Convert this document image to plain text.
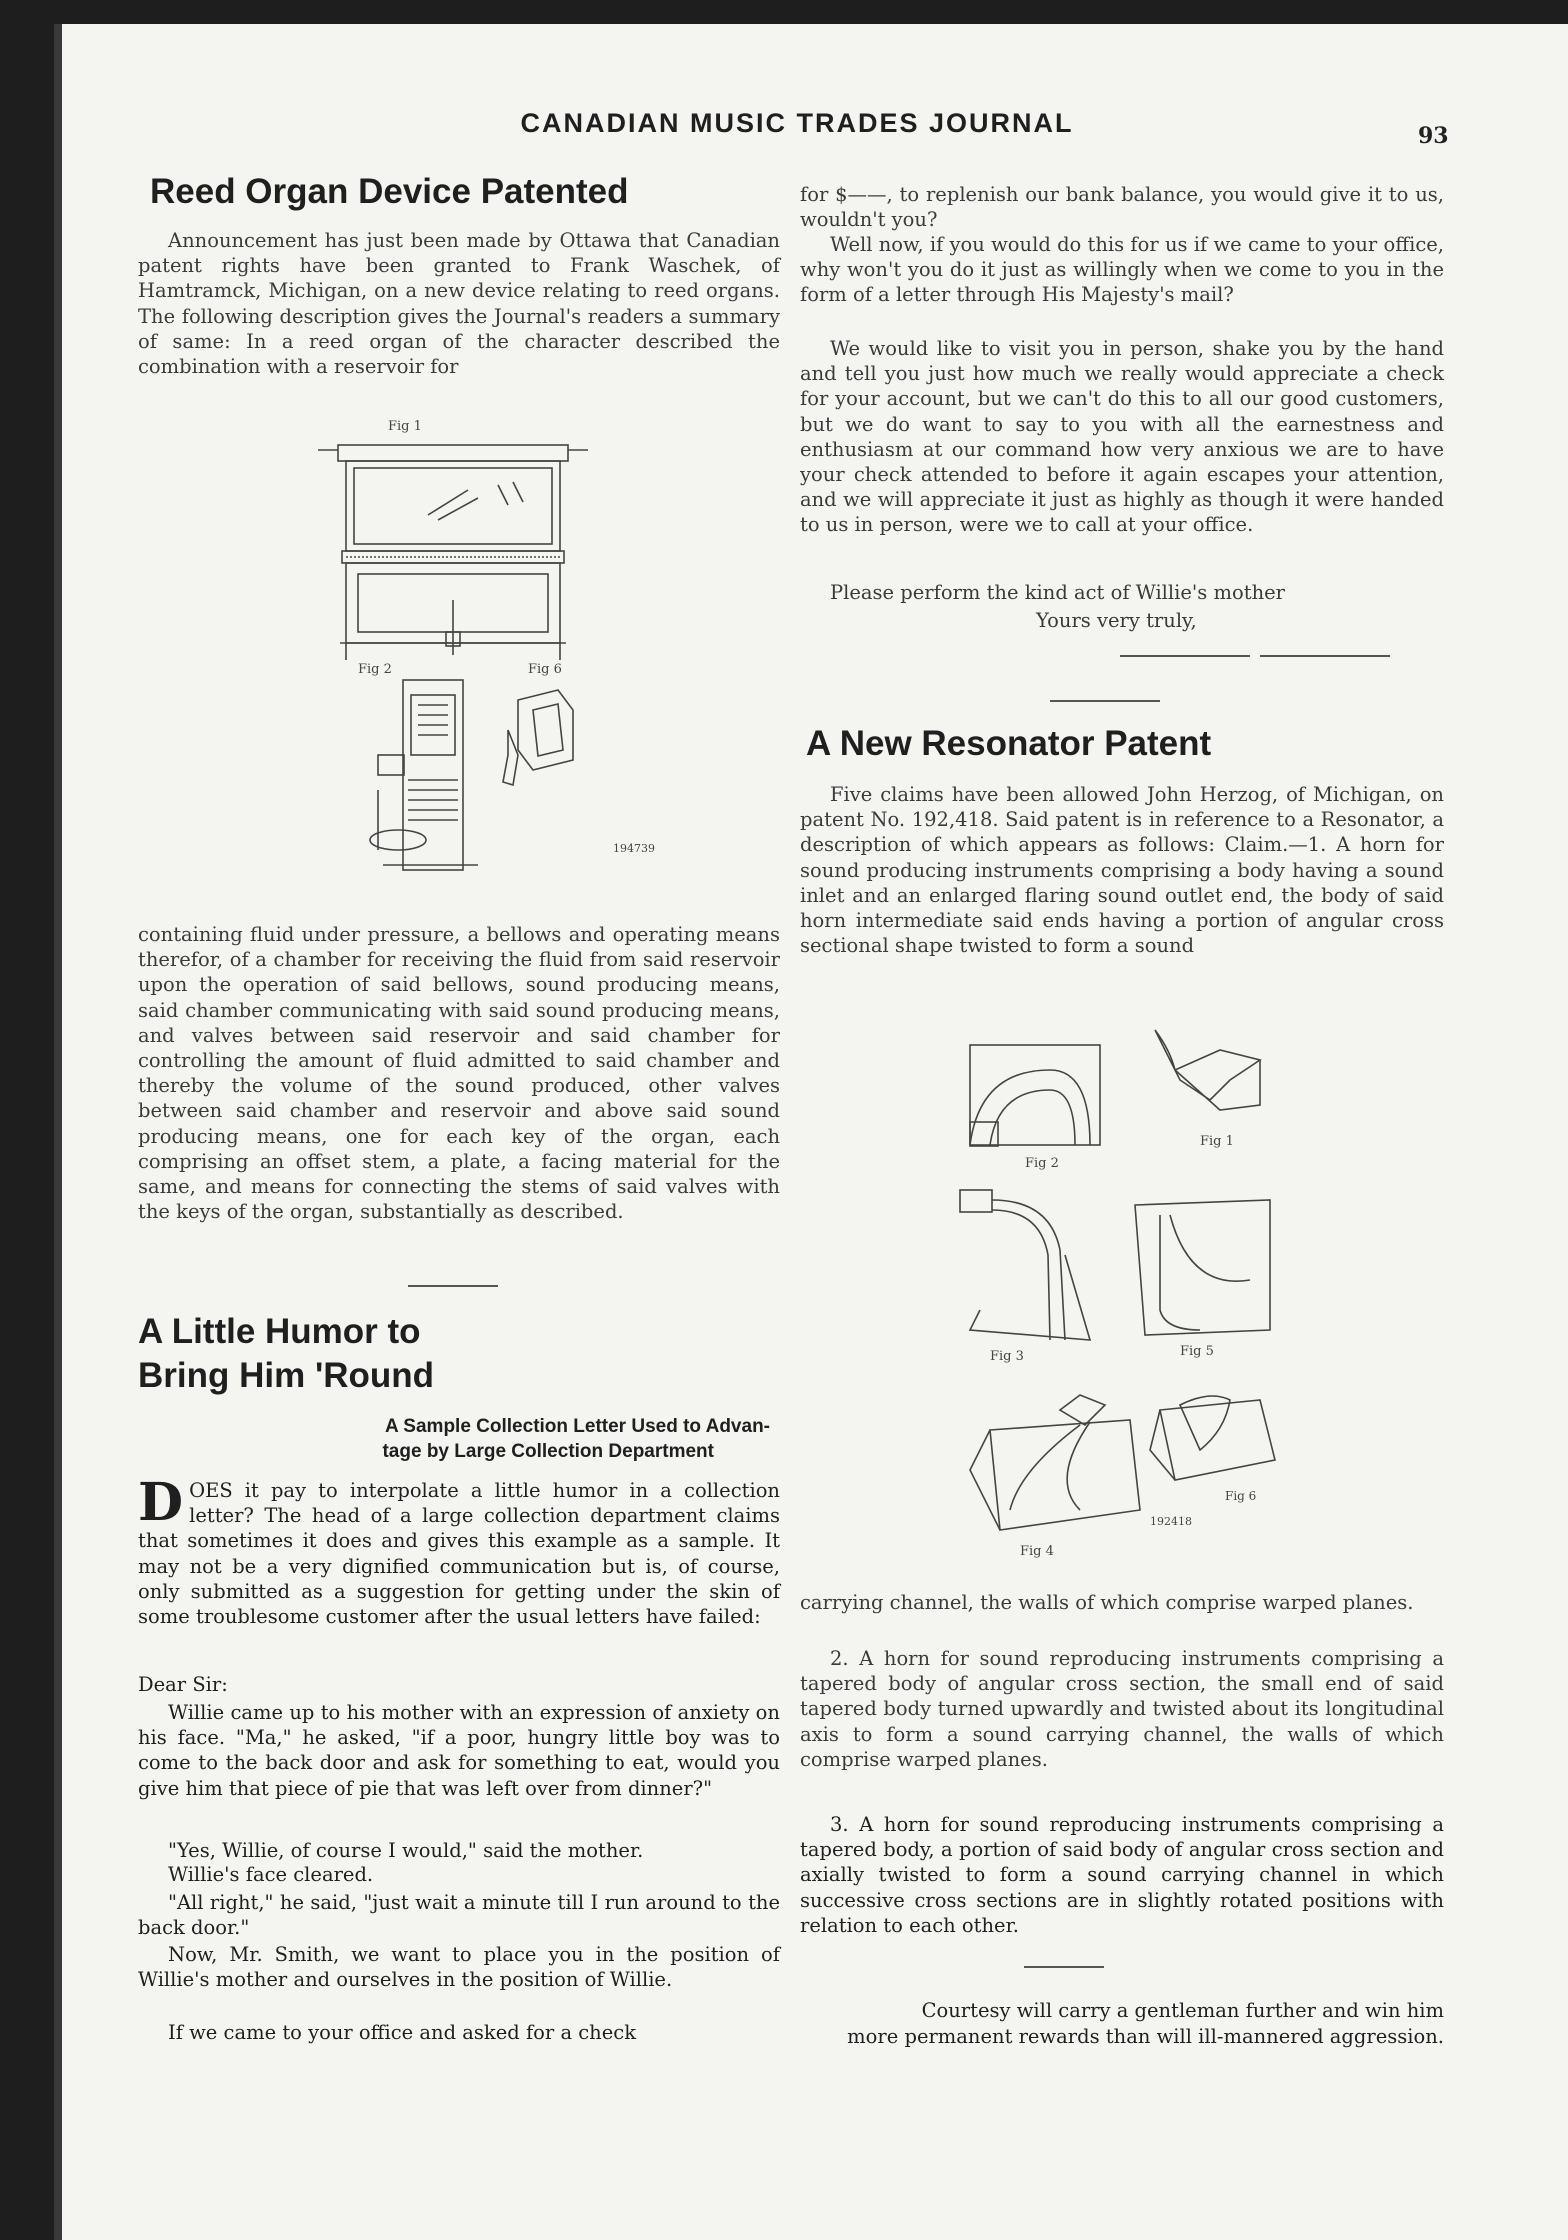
CANADIAN MUSIC TRADES JOURNAL	93
Reed Organ Device Patented

Announcement has just been made by Ottawa that Canadian patent rights have been granted to Frank Waschek, of Hamtramck, Michigan, on a new device relating to reed organs. The following description gives the Journal's readers a summary of same: In a reed organ of the character described the combination with a reservoir for

Fig 1
Fig 2	Fig 6
194739

containing fluid under pressure, a bellows and operating means therefor, of a chamber for receiving the fluid from said reservoir upon the operation of said bellows, sound producing means, said chamber communicating with said sound producing means, and valves between said reservoir and said chamber for controlling the amount of fluid admitted to said chamber and thereby the volume of the sound produced, other valves between said chamber and reservoir and above said sound producing means, one for each key of the organ, each comprising an offset stem, a plate, a facing material for the same, and means for connecting the stems of said valves with the keys of the organ, substantially as described.

A Little Humor to
Bring Him 'Round

A Sample Collection Letter Used to Advan-

tage by Large Collection Department

DOES it pay to interpolate a little humor in a collection letter? The head of a large collection department claims that sometimes it does and gives this example as a sample. It may not be a very dignified communication but is, of course, only submitted as a suggestion for getting under the skin of some troublesome customer after the usual letters have failed:

Dear Sir:

Willie came up to his mother with an expression of anxiety on his face. "Ma," he asked, "if a poor, hungry little boy was to come to the back door and ask for something to eat, would you give him that piece of pie that was left over from dinner?"

"Yes, Willie, of course I would," said the mother.

Willie's face cleared.

"All right," he said, "just wait a minute till I run around to the back door."

Now, Mr. Smith, we want to place you in the position of Willie's mother and ourselves in the position of Willie.

If we came to your office and asked for a check

for $——, to replenish our bank balance, you would give it to us, wouldn't you?

Well now, if you would do this for us if we came to your office, why won't you do it just as willingly when we come to you in the form of a letter through His Majesty's mail?

We would like to visit you in person, shake you by the hand and tell you just how much we really would appreciate a check for your account, but we can't do this to all our good customers, but we do want to say to you with all the earnestness and enthusiasm at our command how very anxious we are to have your check attended to before it again escapes your attention, and we will appreciate it just as highly as though it were handed to us in person, were we to call at your office.

Please perform the kind act of Willie's mother

Yours very truly,

A New Resonator Patent

Five claims have been allowed John Herzog, of Michigan, on patent No. 192,418. Said patent is in reference to a Resonator, a description of which appears as follows: Claim.—1. A horn for sound producing instruments comprising a body having a sound inlet and an enlarged flaring sound outlet end, the body of said horn intermediate said ends having a portion of angular cross sectional shape twisted to form a sound

Fig 2
Fig 1
Fig 3	Fig 5
Fig 4
Fig 6
192418

carrying channel, the walls of which comprise warped planes.

2. A horn for sound reproducing instruments comprising a tapered body of angular cross section, the small end of said tapered body turned upwardly and twisted about its longitudinal axis to form a sound carrying channel, the walls of which comprise warped planes.

3. A horn for sound reproducing instruments comprising a tapered body, a portion of said body of angular cross section and axially twisted to form a sound carrying channel in which successive cross sections are in slightly rotated positions with relation to each other.

Courtesy will carry a gentleman further and win him

more permanent rewards than will ill-mannered aggression.
